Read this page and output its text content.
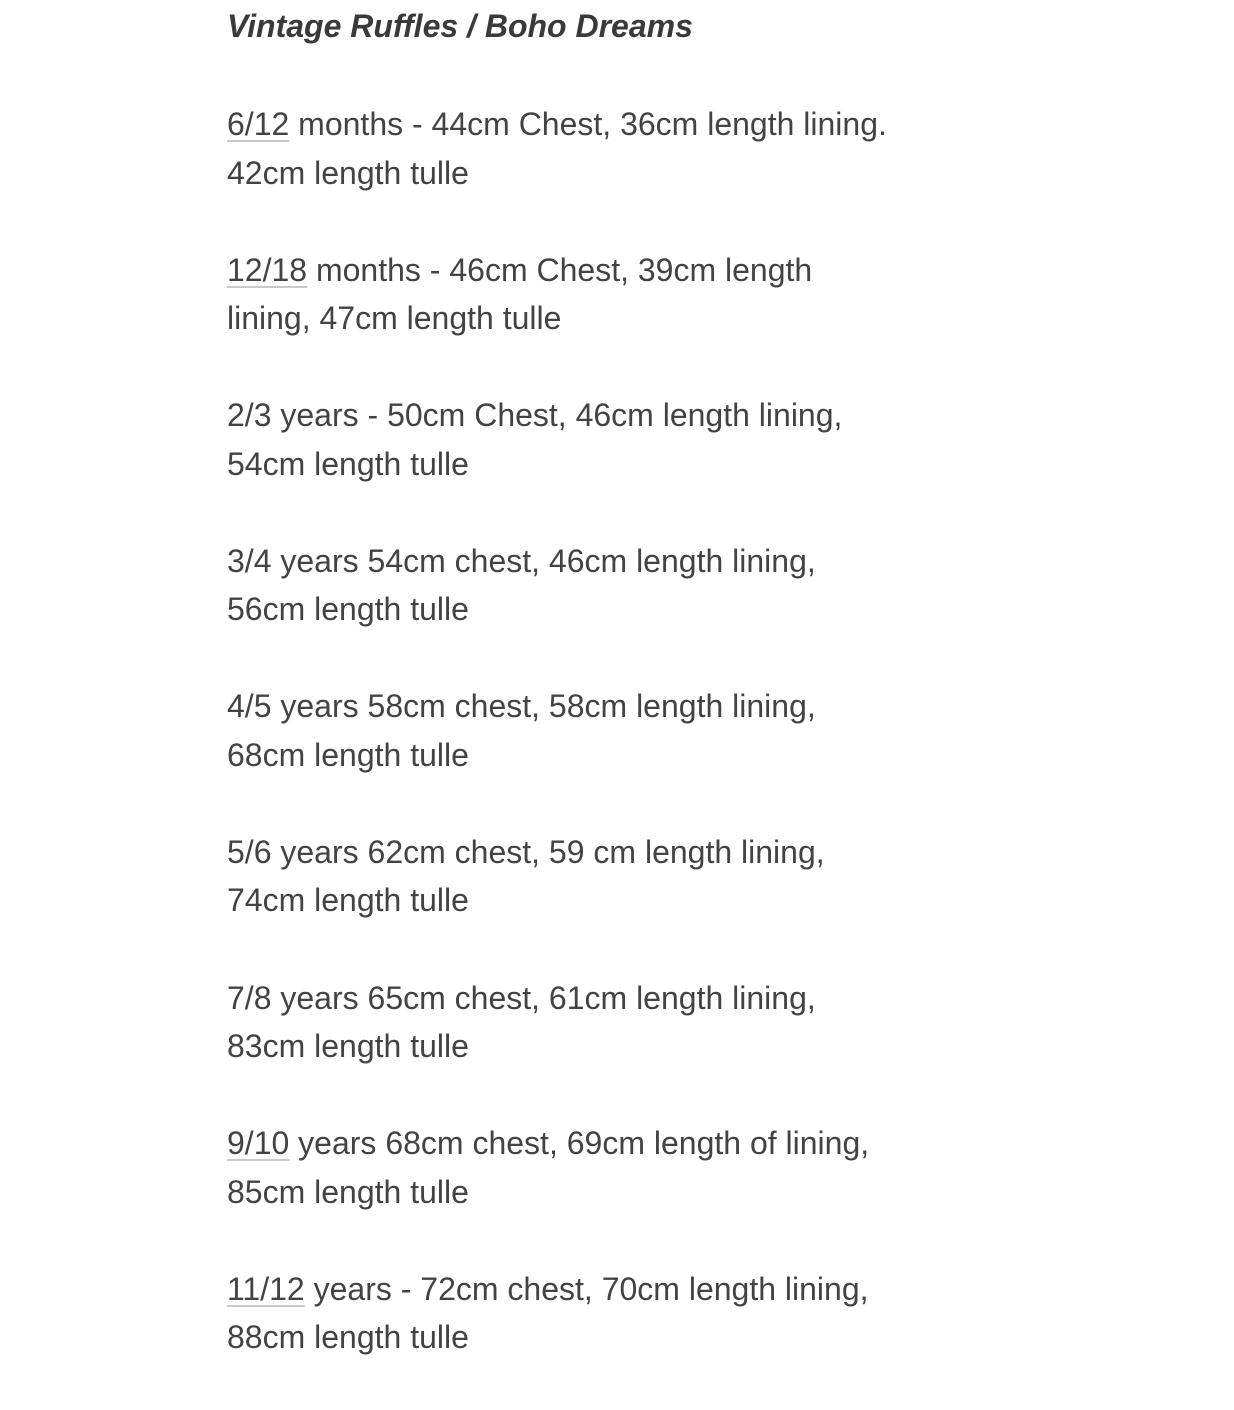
Vintage Ruffles / Boho Dreams
6/12 months - 44cm Chest, 36cm length lining.
42cm length tulle
12/18 months - 46cm Chest, 39cm length
lining, 47cm length tulle
2/3 years - 50cm Chest, 46cm length lining,
54cm length tulle
3/4 years 54cm chest, 46cm length lining,
56cm length tulle
4/5 years 58cm chest, 58cm length lining,
68cm length tulle
5/6 years 62cm chest, 59 cm length lining,
74cm length tulle
7/8 years 65cm chest, 61cm length lining,
83cm length tulle
9/10 years 68cm chest, 69cm length of lining,
85cm length tulle
11/12 years - 72cm chest, 70cm length lining,
88cm length tulle
